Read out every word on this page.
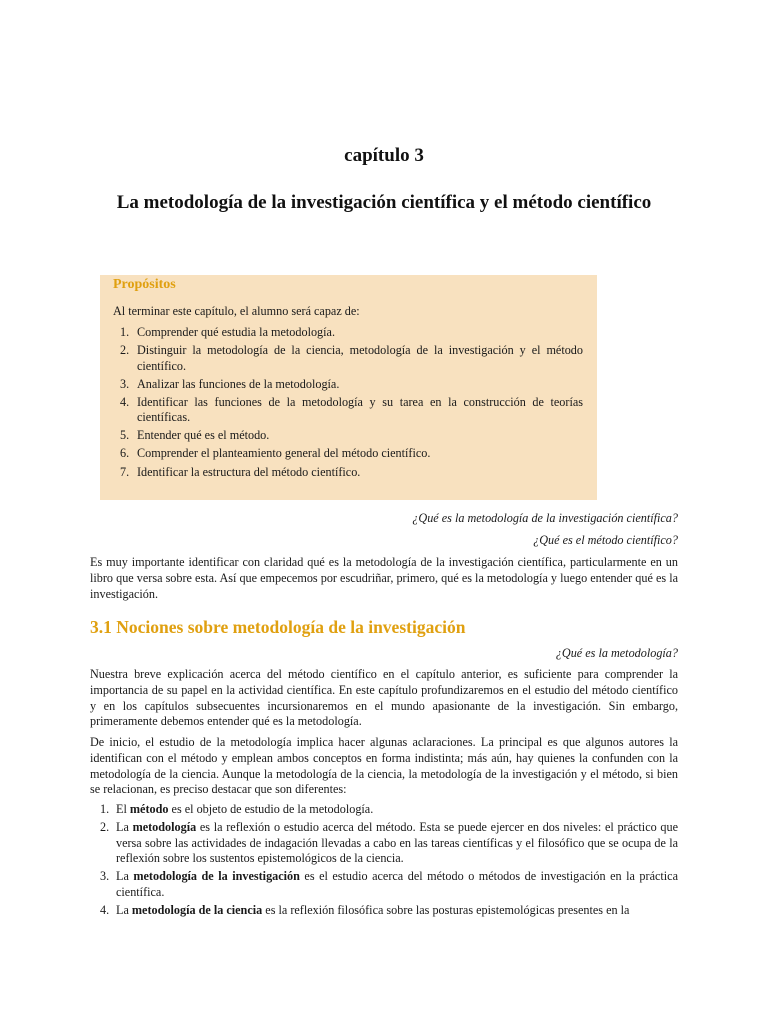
capítulo 3
La metodología de la investigación científica y el método científico
Propósitos
Al terminar este capítulo, el alumno será capaz de:
1. Comprender qué estudia la metodología.
2. Distinguir la metodología de la ciencia, metodología de la investigación y el método científico.
3. Analizar las funciones de la metodología.
4. Identificar las funciones de la metodología y su tarea en la construcción de teorías científicas.
5. Entender qué es el método.
6. Comprender el planteamiento general del método científico.
7. Identificar la estructura del método científico.
¿Qué es la metodología de la investigación científica?
¿Qué es el método científico?

Es muy importante identificar con claridad qué es la metodología de la investigación científica, particularmente en un libro que versa sobre esta. Así que empecemos por escudriñar, primero, qué es la metodología y luego entender qué es la investigación.

3.1 Nociones sobre metodología de la investigación
¿Qué es la metodología?

Nuestra breve explicación acerca del método científico en el capítulo anterior, es suficiente para comprender la importancia de su papel en la actividad científica. En este capítulo profundizaremos en el estudio del método científico y en los capítulos subsecuentes incursionaremos en el mundo apasionante de la investigación. Sin embargo, primeramente debemos entender qué es la metodología.

De inicio, el estudio de la metodología implica hacer algunas aclaraciones. La principal es que algunos autores la identifican con el método y emplean ambos conceptos en forma indistinta; más aún, hay quienes la confunden con la metodología de la ciencia. Aunque la metodología de la ciencia, la metodología de la investigación y el método, si bien se relacionan, es preciso destacar que son diferentes:

1. El método es el objeto de estudio de la metodología.
2. La metodología es la reflexión o estudio acerca del método. Esta se puede ejercer en dos niveles: el práctico que versa sobre las actividades de indagación llevadas a cabo en las tareas científicas y el filosófico que se ocupa de la reflexión sobre los sustentos epistemológicos de la ciencia.
3. La metodología de la investigación es el estudio acerca del método o métodos de investigación en la práctica científica.
4. La metodología de la ciencia es la reflexión filosófica sobre las posturas epistemológicas presentes en la
